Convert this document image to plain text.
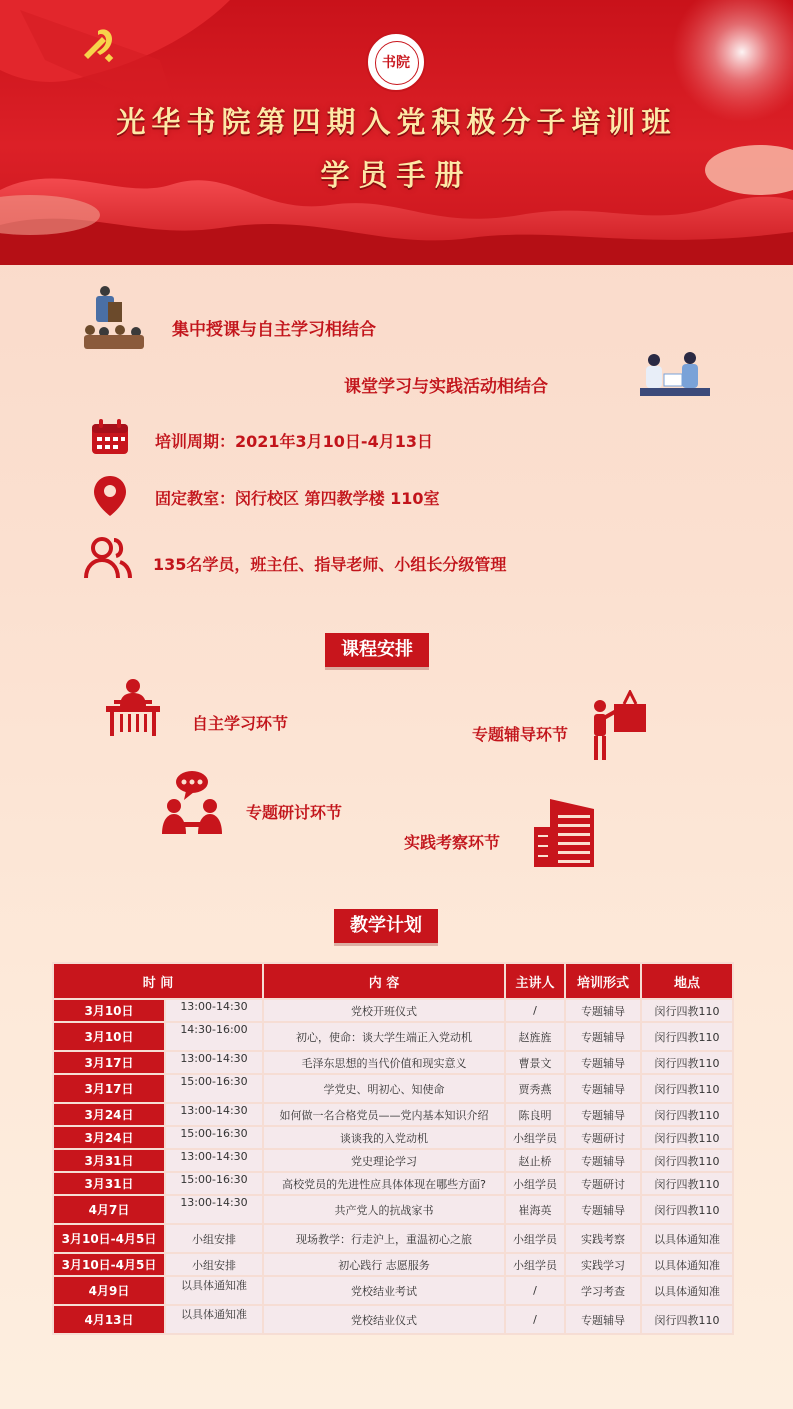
书院
光华书院第四期入党积极分子培训班
学员手册
集中授课与自主学习相结合
课堂学习与实践活动相结合
培训周期：2021年3月10日-4月13日
固定教室：闵行校区 第四教学楼 110室
135名学员，班主任、指导老师、小组长分级管理
课程安排
自主学习环节
专题辅导环节
专题研讨环节
实践考察环节
教学计划
时 间		内 容	主讲人	培训形式	地点
3月10日	13:00-14:30	党校开班仪式	/	专题辅导	闵行四教110
3月10日	14:30-16:00	初心，使命：谈大学生端正入党动机	赵旌旌	专题辅导	闵行四教110
3月17日	13:00-14:30	毛泽东思想的当代价值和现实意义	曹景文	专题辅导	闵行四教110
3月17日	15:00-16:30	学党史、明初心、知使命	贾秀燕	专题辅导	闵行四教110
3月24日	13:00-14:30	如何做一名合格党员——党内基本知识介绍	陈良明	专题辅导	闵行四教110
3月24日	15:00-16:30	谈谈我的入党动机	小组学员	专题研讨	闵行四教110
3月31日	13:00-14:30	党史理论学习	赵止桥	专题辅导	闵行四教110
3月31日	15:00-16:30	高校党员的先进性应具体体现在哪些方面?	小组学员	专题研讨	闵行四教110
4月7日	13:00-14:30	共产党人的抗战家书	崔海英	专题辅导	闵行四教110
3月10日-4月5日	小组安排	现场教学：行走沪上，重温初心之旅	小组学员	实践考察	以具体通知准
3月10日-4月5日	小组安排	初心践行 志愿服务	小组学员	实践学习	以具体通知准
4月9日	以具体通知准	党校结业考试	/	学习考查	以具体通知准
4月13日	以具体通知准	党校结业仪式	/	专题辅导	闵行四教110
